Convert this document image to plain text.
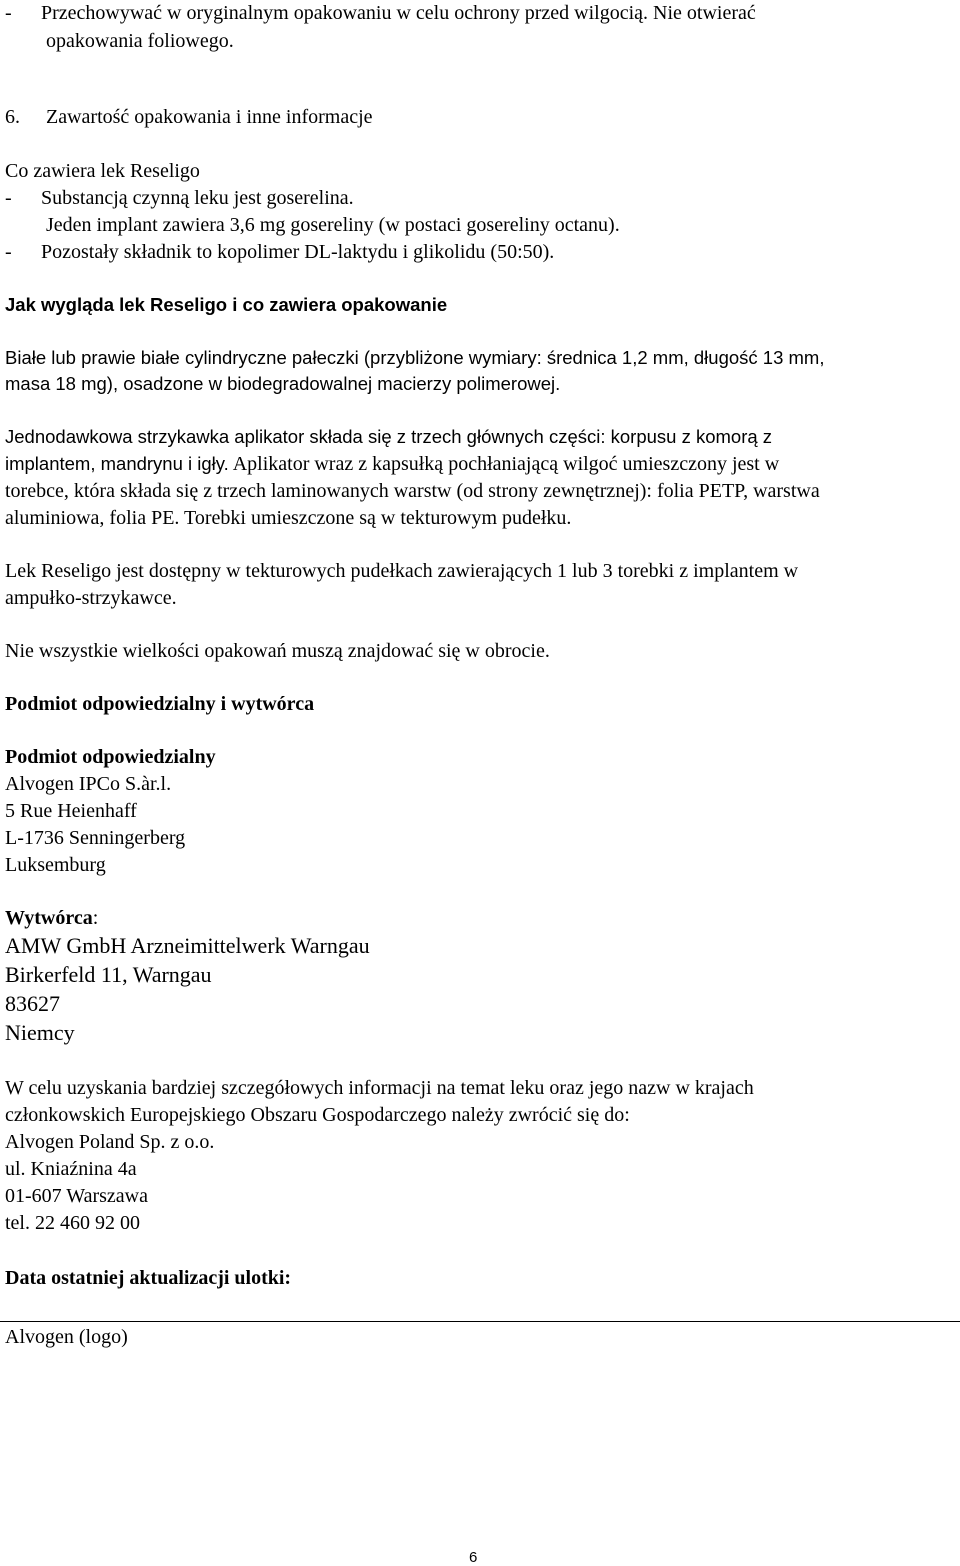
- Przechowywać w oryginalnym opakowaniu w celu ochrony przed wilgocią. Nie otwierać
opakowania foliowego.
6. Zawartość opakowania i inne informacje
Co zawiera lek Reseligo
- Substancją czynną leku jest goserelina.
Jeden implant zawiera 3,6 mg gosereliny (w postaci gosereliny octanu).
- Pozostały składnik to kopolimer DL-laktydu i glikolidu (50:50).
Jak wygląda lek Reseligo i co zawiera opakowanie
Białe lub prawie białe cylindryczne pałeczki (przybliżone wymiary: średnica 1,2 mm, długość 13 mm,
masa 18 mg), osadzone w biodegradowalnej macierzy polimerowej.
Jednodawkowa strzykawka aplikator składa się z trzech głównych części: korpusu z komorą z
implantem, mandrynu i igły. Aplikator wraz z kapsułką pochłaniającą wilgoć umieszczony jest w
torebce, która składa się z trzech laminowanych warstw (od strony zewnętrznej): folia PETP, warstwa
aluminiowa, folia PE. Torebki umieszczone są w tekturowym pudełku.
Lek Reseligo jest dostępny w tekturowych pudełkach zawierających 1 lub 3 torebki z implantem w
ampułko-strzykawce.
Nie wszystkie wielkości opakowań muszą znajdować się w obrocie.
Podmiot odpowiedzialny i wytwórca
Podmiot odpowiedzialny
Alvogen IPCo S.àr.l.
5 Rue Heienhaff
L-1736 Senningerberg
Luksemburg
Wytwórca:
AMW GmbH Arzneimittelwerk Warngau
Birkerfeld 11, Warngau
83627
Niemcy
W celu uzyskania bardziej szczegółowych informacji na temat leku oraz jego nazw w krajach
członkowskich Europejskiego Obszaru Gospodarczego należy zwrócić się do:
Alvogen Poland Sp. z o.o.
ul. Kniaźnina 4a
01-607 Warszawa
tel. 22 460 92 00
Data ostatniej aktualizacji ulotki:
Alvogen (logo)
6
